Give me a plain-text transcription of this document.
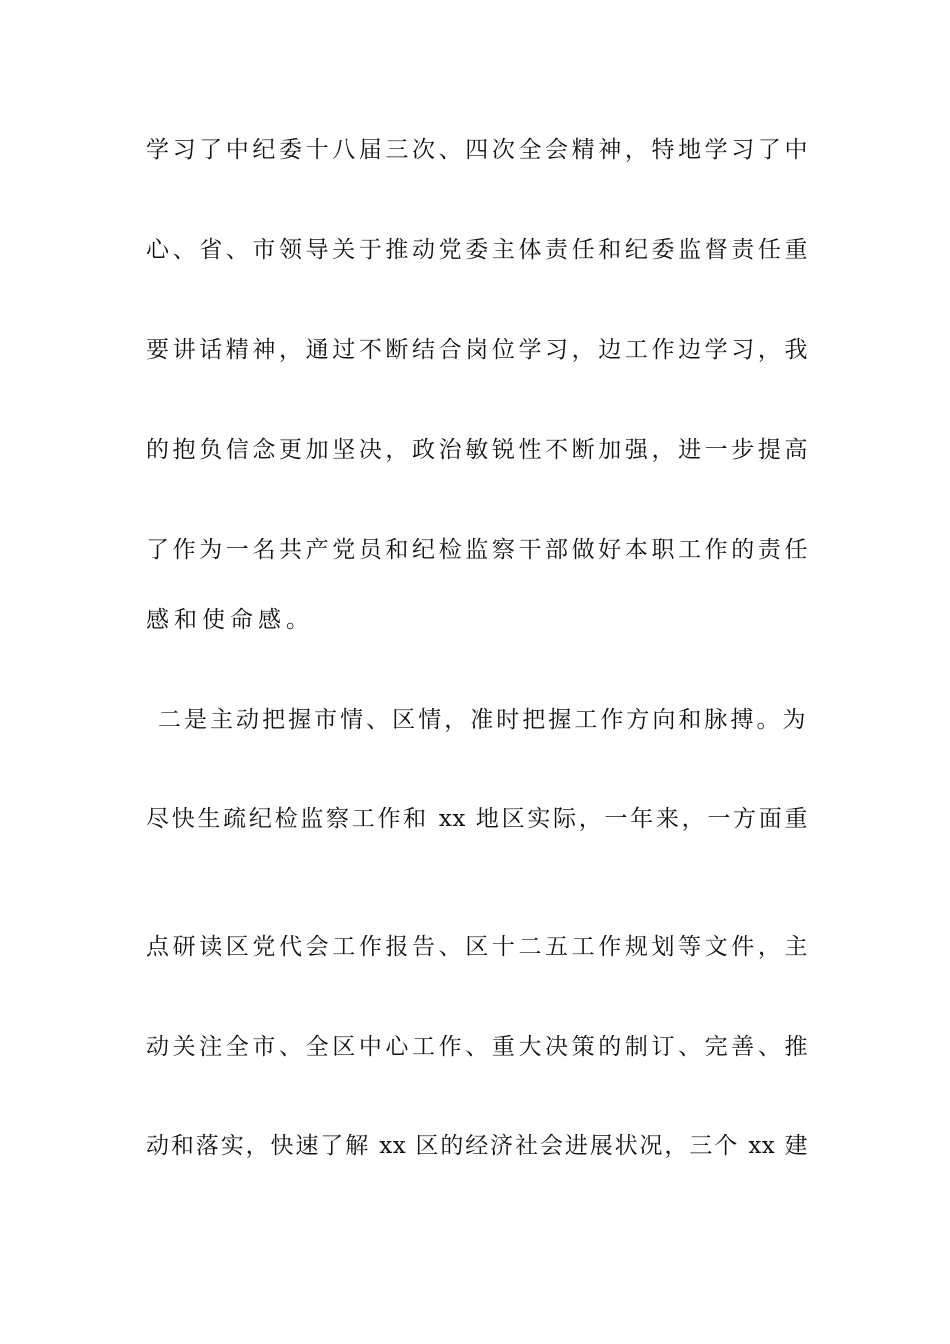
学习了中纪委十八届三次、四次全会精神，特地学习了中
心、省、市领导关于推动党委主体责任和纪委监督责任重
要讲话精神，通过不断结合岗位学习，边工作边学习，我
的抱负信念更加坚决，政治敏锐性不断加强，进一步提高
了作为一名共产党员和纪检监察干部做好本职工作的责任
感和使命感。
二是主动把握市情、区情，准时把握工作方向和脉搏。为
尽快生疏纪检监察工作和 xx 地区实际，一年来，一方面重
点研读区党代会工作报告、区十二五工作规划等文件，主
动关注全市、全区中心工作、重大决策的制订、完善、推
动和落实，快速了解 xx 区的经济社会进展状况，三个 xx 建
